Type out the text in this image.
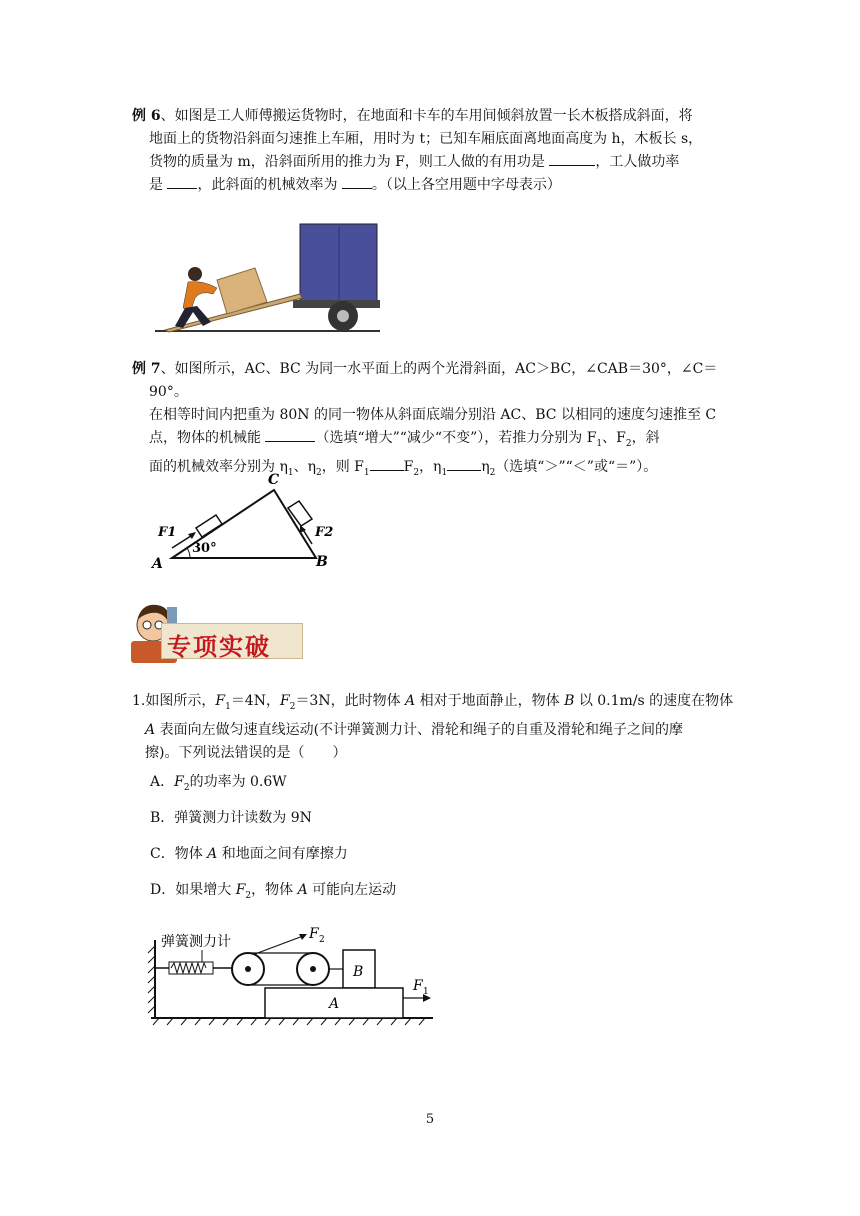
例 6、如图是工人师傅搬运货物时，在地面和卡车的车用间倾斜放置一长木板搭成斜面，将
地面上的货物沿斜面匀速推上车厢，用时为 t；已知车厢底面离地面高度为 h，木板长 s，
货物的质量为 m，沿斜面所用的推力为 F，则工人做的有用功是	，工人做功率
是 ，此斜面的机械效率为 。（以上各空用题中字母表示）

例 7、如图所示，AC、BC 为同一水平面上的两个光滑斜面，AC＞BC，∠CAB＝30°，∠C＝90°。
在相等时间内把重为 80N 的同一物体从斜面底端分别沿 AC、BC 以相同的速度匀速推至 C
点，物体的机械能	（选填“增大”“减少“不变”），若推力分别为 $F_1$、$F_2$，斜
面的机械效率分别为 $\eta_1$、$\eta_2$，则 $F_1$ $F_2$，$\eta_1$ $\eta_2$（选填“＞”“＜”或“＝”）。

C
A	B
F1	F2
30°
专项实破

1.如图所示，$F_1=4N$，$F_2=3N$，此时物体 A 相对于地面静止，物体 B 以 0.1m/s 的速度在物体
A 表面向左做匀速直线运动(不计弹簧测力计、滑轮和绳子的自重及滑轮和绳子之间的摩
擦)。下列说法错误的是（　　）

A．$F_2$的功率为 0.6W
B．弹簧测力计读数为 9N
C．物体 A 和地面之间有摩擦力
D．如果增大 $F_2$，物体 A 可能向左运动
弹簧测力计	F 2
B
A
F 1
5
